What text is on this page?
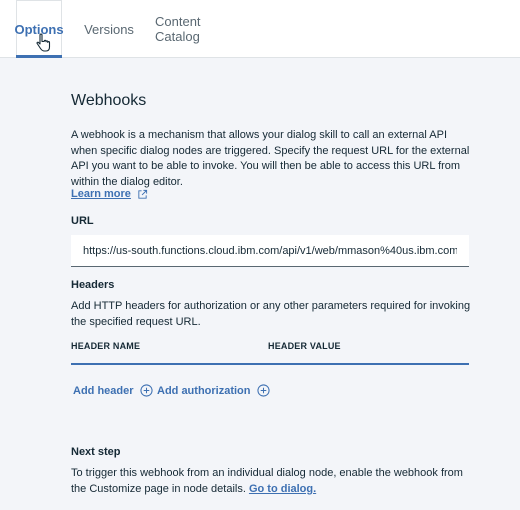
Options Versions Content Catalog
Webhooks

A webhook is a mechanism that allows your dialog skill to call an external API when specific dialog nodes are triggered. Specify the request URL for the external API you want to be able to invoke. You will then be able to access this URL from within the dialog editor.

Learn more
URL
https://us-south.functions.cloud.ibm.com/api/v1/web/mmason%40us.ibm.com/default/webhook
Headers

Add HTTP headers for authorization or any other parameters required for invoking the specified request URL.

HEADER NAME	HEADER VALUE
Add header Add authorization
Next step

To trigger this webhook from an individual dialog node, enable the webhook from the Customize page in node details. Go to dialog.
